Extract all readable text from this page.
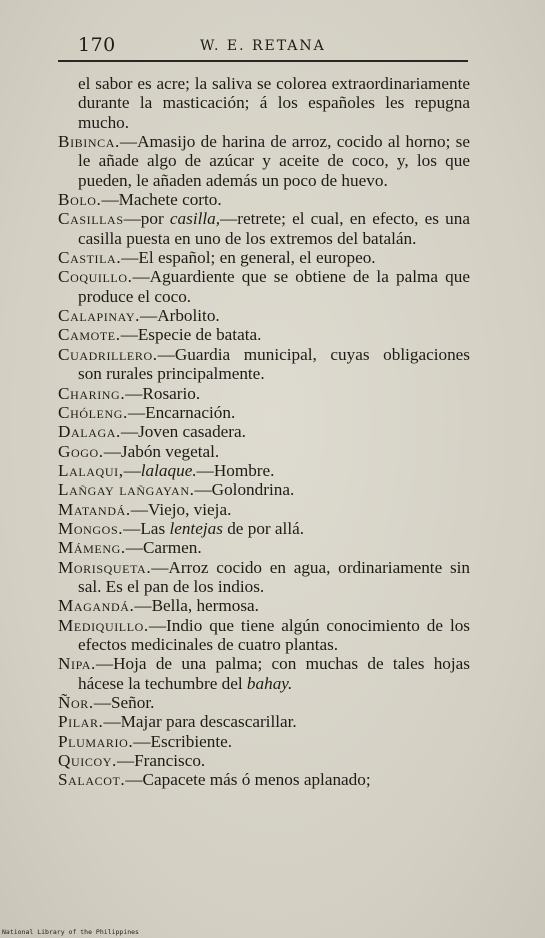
170	W. E. RETANA

el sabor es acre; la saliva se colorea extraordinariamente durante la masticación; á los españoles les repugna mucho.

Bibinca.—Amasijo de harina de arroz, cocido al horno; se le añade algo de azúcar y aceite de coco, y, los que pueden, le añaden además un poco de huevo.

Bolo.—Machete corto.

Casillas—por casilla,—retrete; el cual, en efecto, es una casilla puesta en uno de los extremos del batalán.

Castila.—El español; en general, el europeo.

Coquillo.—Aguardiente que se obtiene de la palma que produce el coco.

Calapinay.—Arbolito.

Camote.—Especie de batata.

Cuadrillero.—Guardia municipal, cuyas obligaciones son rurales principalmente.

Charing.—Rosario.

Chóleng.—Encarnación.

Dalaga.—Joven casadera.

Gogo.—Jabón vegetal.

Lalaqui,—lalaque.—Hombre.

Lañgay lañgayan.—Golondrina.

Matandá.—Viejo, vieja.

Mongos.—Las lentejas de por allá.

Mámeng.—Carmen.

Morisqueta.—Arroz cocido en agua, ordinariamente sin sal. Es el pan de los indios.

Magandá.—Bella, hermosa.

Mediquillo.—Indio que tiene algún conocimiento de los efectos medicinales de cuatro plantas.

Nipa.—Hoja de una palma; con muchas de tales hojas hácese la techumbre del bahay.

Ñor.—Señor.

Pilar.—Majar para descascarillar.

Plumario.—Escribiente.

Quicoy.—Francisco.

Salacot.—Capacete más ó menos aplanado;

National Library of the Philippines
